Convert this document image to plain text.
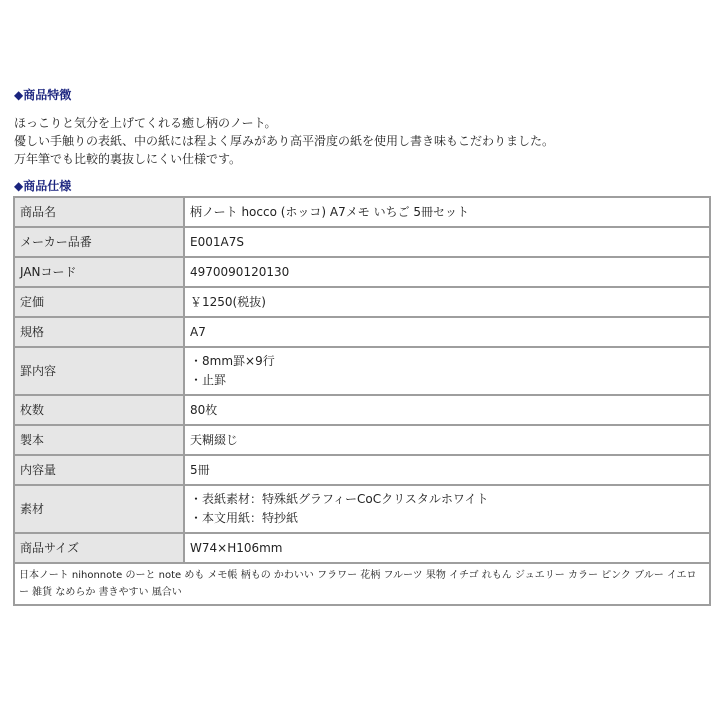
◆商品特徴
ほっこりと気分を上げてくれる癒し柄のノート。
優しい手触りの表紙、中の紙には程よく厚みがあり高平滑度の紙を使用し書き味もこだわりました。
万年筆でも比較的裏抜しにくい仕様です。
◆商品仕様
商品名	柄ノート hocco (ホッコ) A7メモ いちご 5冊セット
メーカー品番	E001A7S
JANコード	4970090120130
定価	￥1250(税抜)
規格	A7
罫内容	・8mm罫×9行
・止罫

枚数	80枚
製本	天糊綴じ
内容量	5冊
素材	・表紙素材：特殊紙グラフィーCoCクリスタルホワイト
・本文用紙：特抄紙

商品サイズ	W74×H106mm
日本ノート nihonnote のーと note めも メモ帳 柄もの かわいい フラワー 花柄 フルーツ 果物 イチゴ れもん ジュエリー カラー ピンク ブルー イエロー 雑貨 なめらか 書きやすい 風合い	
